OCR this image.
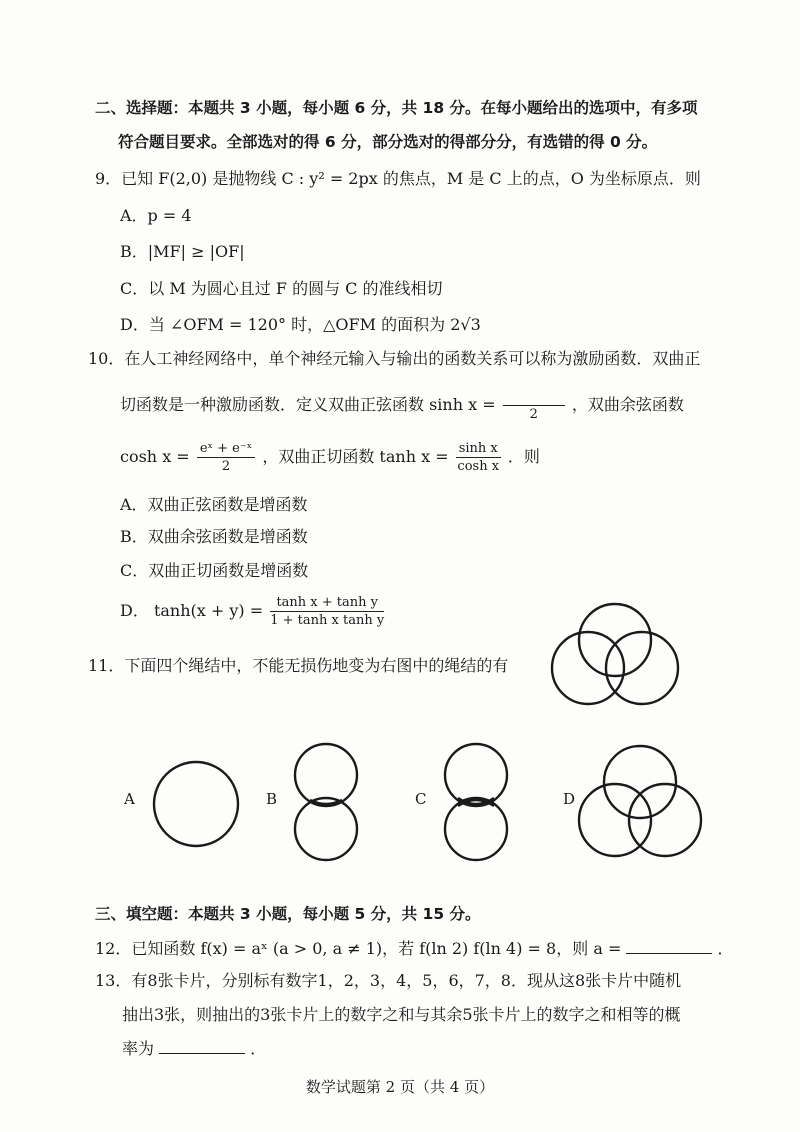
二、选择题：本题共 3 小题，每小题 6 分，共 18 分。在每小题给出的选项中，有多项
符合题目要求。全部选对的得 6 分，部分选对的得部分分，有选错的得 0 分。
9．已知 F(2,0) 是抛物线 C : y² = 2px 的焦点，M 是 C 上的点，O 为坐标原点．则
A．p = 4
B．|MF| ≥ |OF|
C．以 M 为圆心且过 F 的圆与 C 的准线相切
D．当 ∠OFM = 120° 时，△OFM 的面积为 2√3
10．在人工神经网络中，单个神经元输入与输出的函数关系可以称为激励函数．双曲正
切函数是一种激励函数．定义双曲正弦函数 sinh x =

2
，双曲余弦函数
$\cosh x = \frac{\text{eˣ + e⁻ˣ}}{2}$ ，双曲正切函数 $\tanh x = \frac{\text{sinh x}}{\text{cosh x}}$ ．则
A．双曲正弦函数是增函数
B．双曲余弦函数是增函数
C．双曲正切函数是增函数
D． $\tanh(x + y) = \frac{\text{tanh x + tanh y}}{\text{1 + tanh x tanh y}}$
11．下面四个绳结中，不能无损伤地变为右图中的绳结的有
A	B	C	D
三、填空题：本题共 3 小题，每小题 5 分，共 15 分。
12．已知函数 f(x) = aˣ (a > 0, a ≠ 1)，若 f(ln 2) f(ln 4) = 8，则 a =	．
13．有8张卡片，分别标有数字1，2，3，4，5，6，7，8．现从这8张卡片中随机
抽出3张，则抽出的3张卡片上的数字之和与其余5张卡片上的数字之和相等的概
率为	．
数学试题第 2 页（共 4 页）
